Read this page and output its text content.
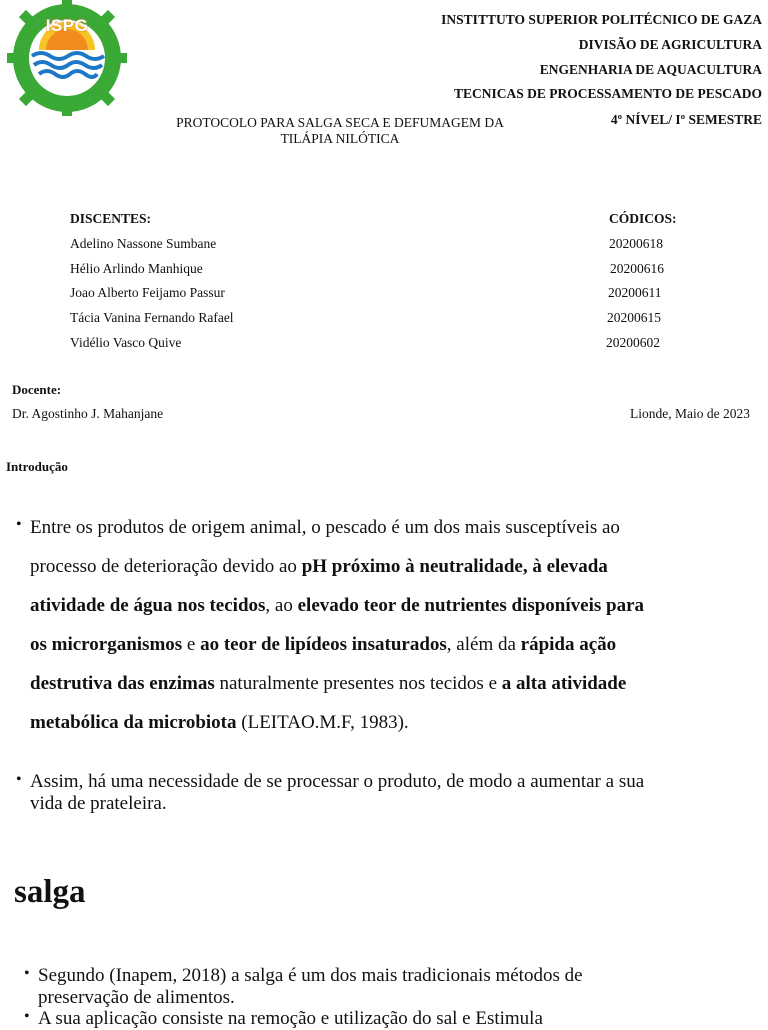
ISPG	INSTITTUTO SUPERIOR POLITÉCNICO DE GAZA
DIVISÃO DE AGRICULTURA
ENGENHARIA DE AQUACULTURA
TECNICAS DE PROCESSAMENTO DE PESCADO
4º NÍVEL/ Iº SEMESTRE
PROTOCOLO PARA SALGA SECA E DEFUMAGEM DA
TILÁPIA NILÓTICA
DISCENTES:	CÓDICOS:
Adelino Nassone Sumbane	20200618
Hélio Arlindo Manhique	20200616
Joao Alberto Feijamo Passur	20200611
Tácia Vanina Fernando Rafael	20200615
Vidélio Vasco Quive	20200602
Docente:
Dr. Agostinho J. Mahanjane	Lionde, Maio de 2023
Introdução
• Entre os produtos de origem animal, o pescado é um dos mais susceptíveis ao
processo de deterioração devido ao pH próximo à neutralidade, à elevada
atividade de água nos tecidos, ao elevado teor de nutrientes disponíveis para
os microrganismos e ao teor de lipídeos insaturados, além da rápida ação
destrutiva das enzimas naturalmente presentes nos tecidos e a alta atividade
metabólica da microbiota (LEITAO.M.F, 1983).
• Assim, há uma necessidade de se processar o produto, de modo a aumentar a sua
vida de prateleira.
salga
• Segundo (Inapem, 2018) a salga é um dos mais tradicionais métodos de
preservação de alimentos.
• A sua aplicação consiste na remoção e utilização do sal e Estimula
